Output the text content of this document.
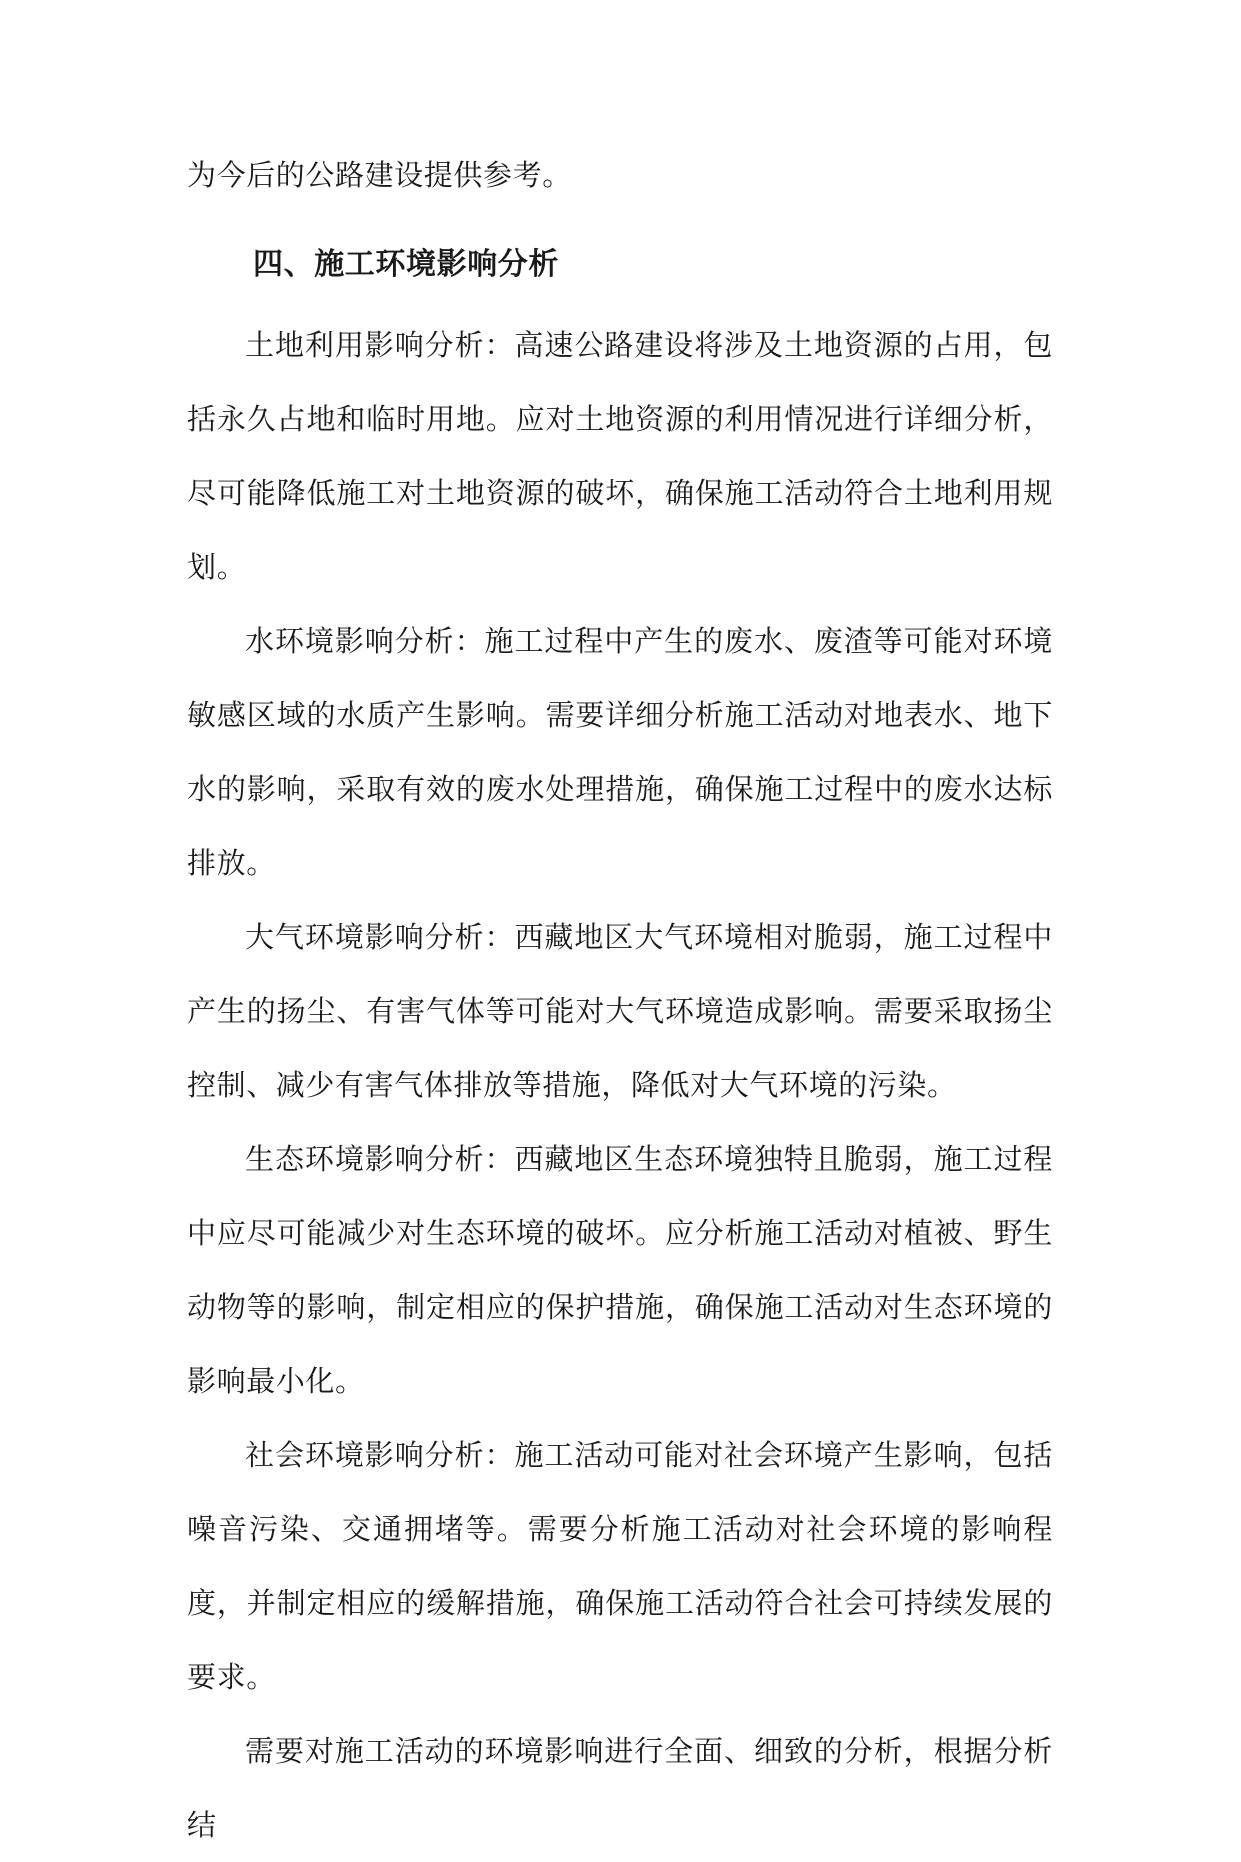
为今后的公路建设提供参考。

四、施工环境影响分析

土地利用影响分析：高速公路建设将涉及土地资源的占用，包括永久占地和临时用地。应对土地资源的利用情况进行详细分析，尽可能降低施工对土地资源的破坏，确保施工活动符合土地利用规划。

水环境影响分析：施工过程中产生的废水、废渣等可能对环境敏感区域的水质产生影响。需要详细分析施工活动对地表水、地下水的影响，采取有效的废水处理措施，确保施工过程中的废水达标排放。

大气环境影响分析：西藏地区大气环境相对脆弱，施工过程中产生的扬尘、有害气体等可能对大气环境造成影响。需要采取扬尘控制、减少有害气体排放等措施，降低对大气环境的污染。

生态环境影响分析：西藏地区生态环境独特且脆弱，施工过程中应尽可能减少对生态环境的破坏。应分析施工活动对植被、野生动物等的影响，制定相应的保护措施，确保施工活动对生态环境的影响最小化。

社会环境影响分析：施工活动可能对社会环境产生影响，包括噪音污染、交通拥堵等。需要分析施工活动对社会环境的影响程度，并制定相应的缓解措施，确保施工活动符合社会可持续发展的要求。

需要对施工活动的环境影响进行全面、细致的分析，根据分析结
